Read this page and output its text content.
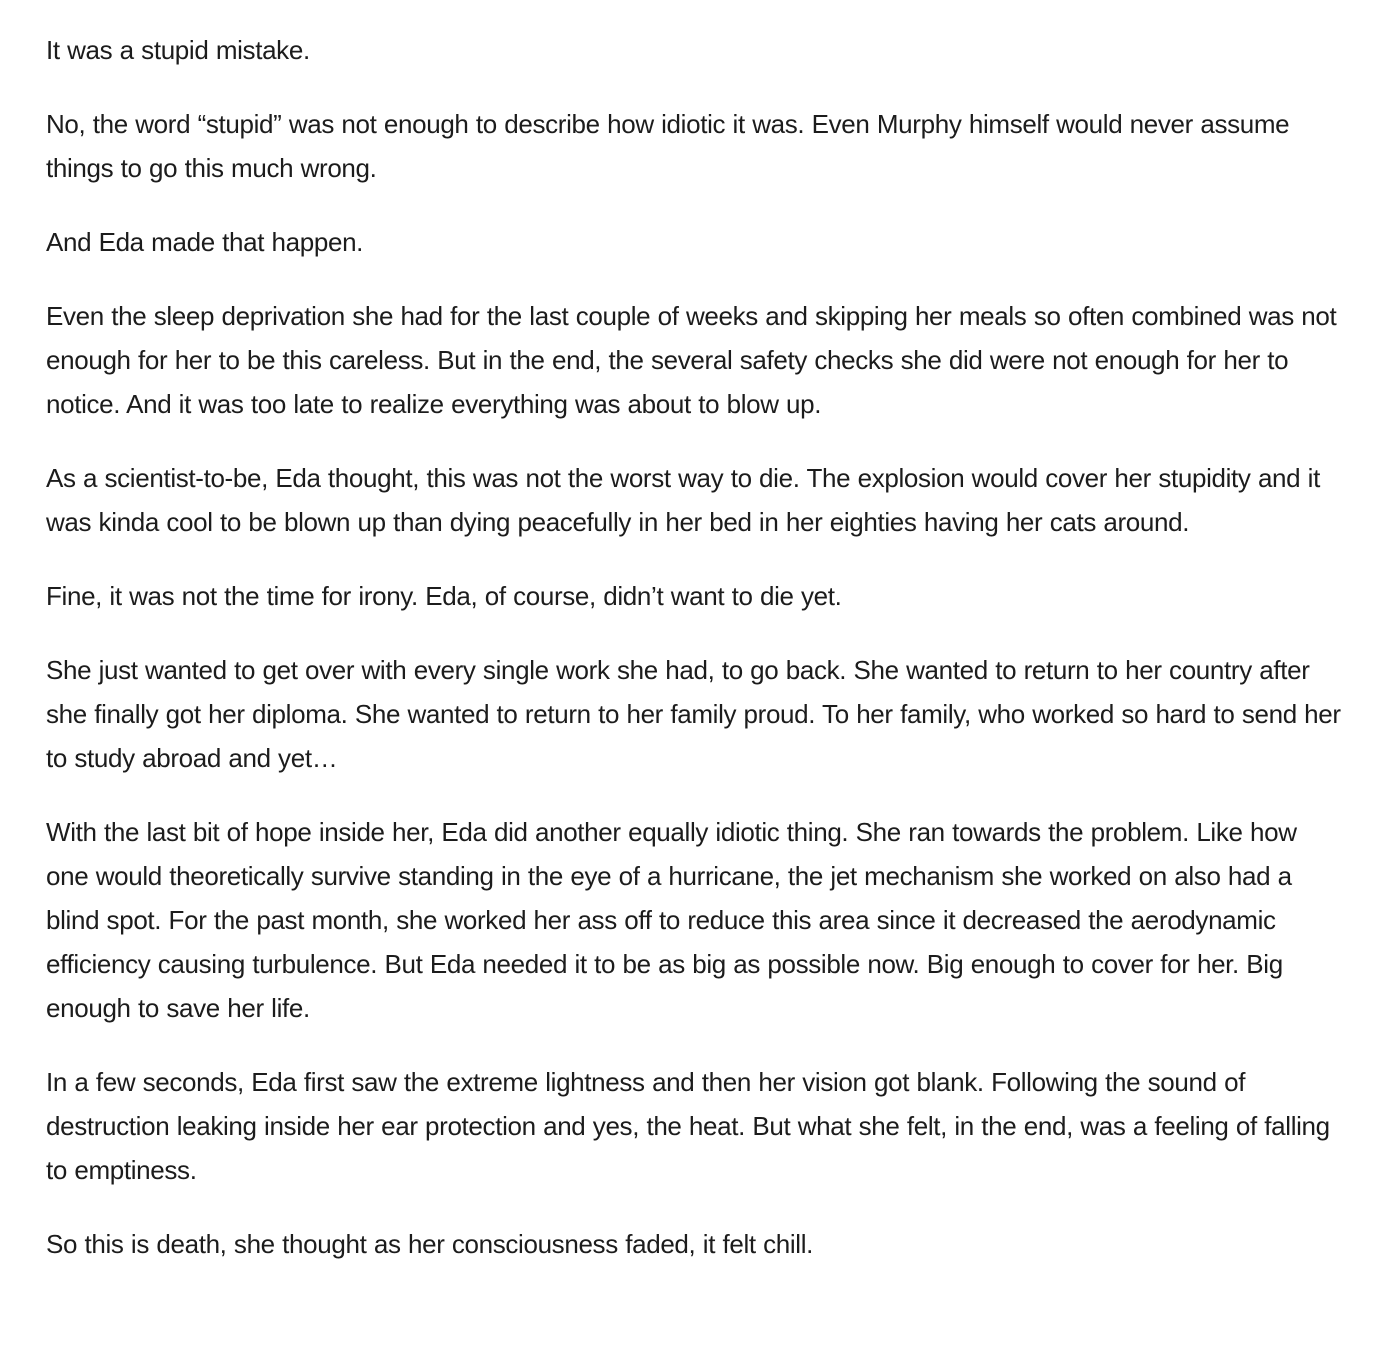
It was a stupid mistake.

No, the word “stupid” was not enough to describe how idiotic it was. Even Murphy himself would never assume things to go this much wrong.

And Eda made that happen.

Even the sleep deprivation she had for the last couple of weeks and skipping her meals so often combined was not enough for her to be this careless. But in the end, the several safety checks she did were not enough for her to notice. And it was too late to realize everything was about to blow up.

As a scientist-to-be, Eda thought, this was not the worst way to die. The explosion would cover her stupidity and it was kinda cool to be blown up than dying peacefully in her bed in her eighties having her cats around.

Fine, it was not the time for irony. Eda, of course, didn’t want to die yet.

She just wanted to get over with every single work she had, to go back. She wanted to return to her country after she finally got her diploma. She wanted to return to her family proud. To her family, who worked so hard to send her to study abroad and yet…

With the last bit of hope inside her, Eda did another equally idiotic thing. She ran towards the problem. Like how one would theoretically survive standing in the eye of a hurricane, the jet mechanism she worked on also had a blind spot. For the past month, she worked her ass off to reduce this area since it decreased the aerodynamic efficiency causing turbulence. But Eda needed it to be as big as possible now. Big enough to cover for her. Big enough to save her life.

In a few seconds, Eda first saw the extreme lightness and then her vision got blank. Following the sound of destruction leaking inside her ear protection and yes, the heat. But what she felt, in the end, was a feeling of falling to emptiness.

So this is death, she thought as her consciousness faded, it felt chill.
